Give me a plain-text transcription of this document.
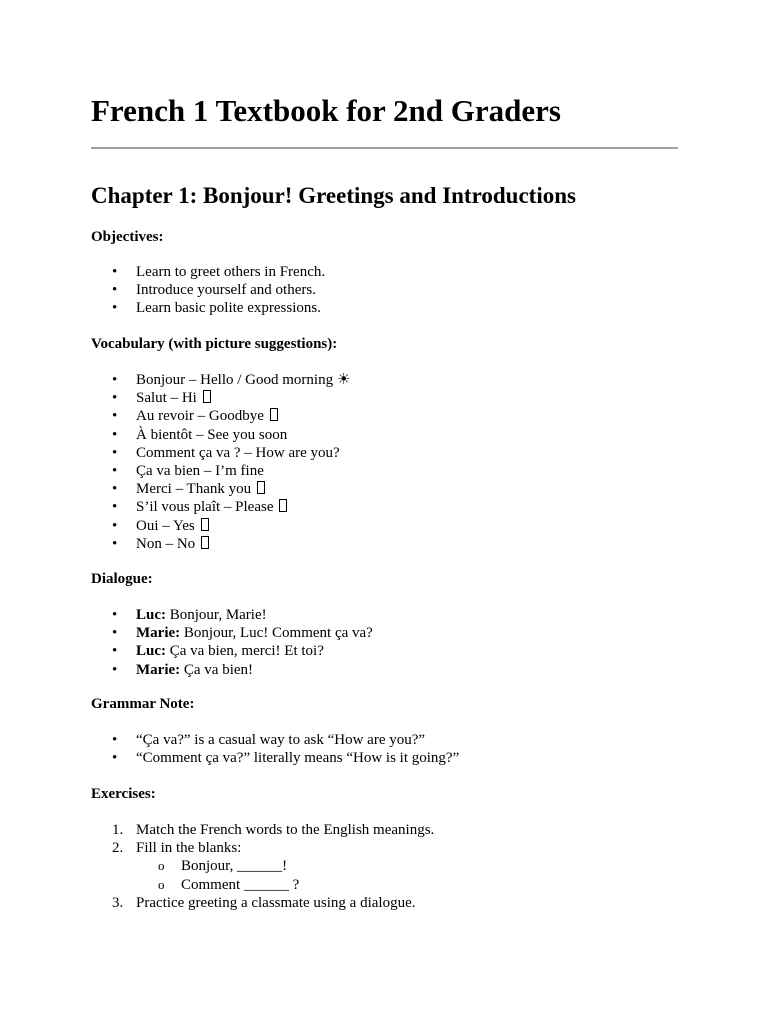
French 1 Textbook for 2nd Graders
Chapter 1: Bonjour! Greetings and Introductions
Objectives:
• Learn to greet others in French.
• Introduce yourself and others.
• Learn basic polite expressions.
Vocabulary (with picture suggestions):
• Bonjour – Hello / Good morning ☀
• Salut – Hi
• Au revoir – Goodbye
• À bientôt – See you soon
• Comment ça va ? – How are you?
• Ça va bien – I’m fine
• Merci – Thank you
• S’il vous plaît – Please
• Oui – Yes
• Non – No
Dialogue:
• Luc: Bonjour, Marie!
• Marie: Bonjour, Luc! Comment ça va?
• Luc: Ça va bien, merci! Et toi?
• Marie: Ça va bien!
Grammar Note:
• “Ça va?” is a casual way to ask “How are you?”
• “Comment ça va?” literally means “How is it going?”
Exercises:
1. Match the French words to the English meanings.
2. Fill in the blanks:
o Bonjour, ______!
o Comment ______ ?
3. Practice greeting a classmate using a dialogue.
